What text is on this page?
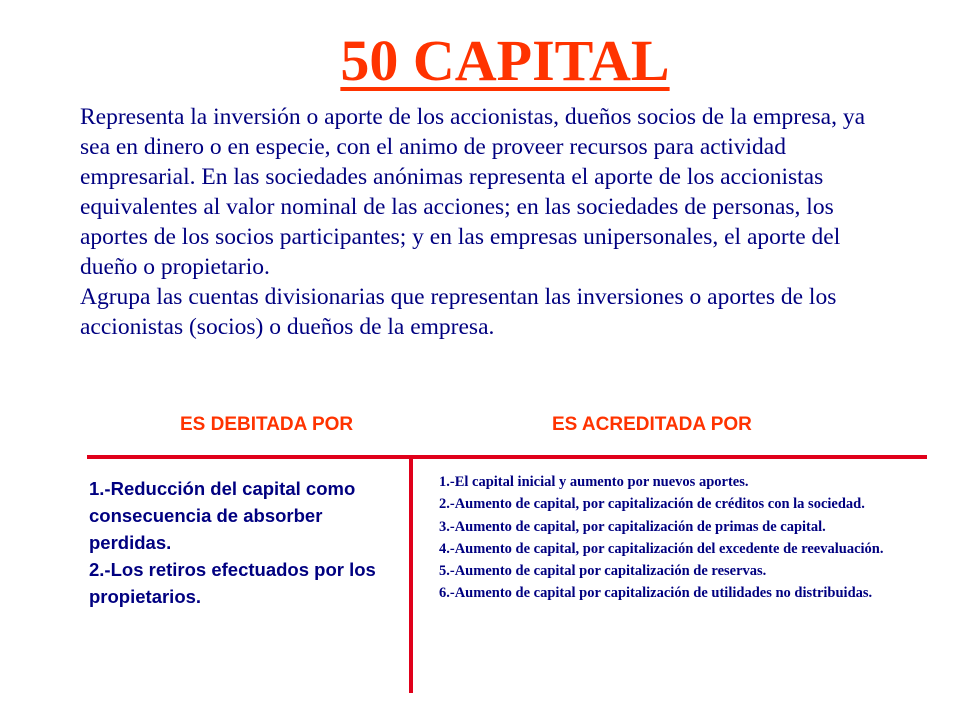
50 CAPITAL

Representa la inversión o aporte de los accionistas, dueños socios de la empresa, ya sea en dinero o en especie, con el animo de proveer recursos para actividad empresarial. En las sociedades anónimas representa el aporte de los accionistas equivalentes al valor nominal de las acciones; en las sociedades de personas, los aportes de los socios participantes; y en las empresas unipersonales, el aporte del dueño o propietario.

Agrupa las cuentas divisionarias que representan las inversiones o aportes de los accionistas (socios) o dueños de la empresa.

ES DEBITADA POR	ES ACREDITADA POR
1.-Reducción del capital como consecuencia de absorber perdidas.
2.-Los retiros efectuados por los propietarios.
1.-El capital inicial y aumento por nuevos aportes.
2.-Aumento de capital, por capitalización de créditos con la sociedad.
3.-Aumento de capital, por capitalización de primas de capital.
4.-Aumento de capital, por capitalización del excedente de reevaluación.
5.-Aumento de capital por capitalización de reservas.
6.-Aumento de capital por capitalización de utilidades no distribuidas.
